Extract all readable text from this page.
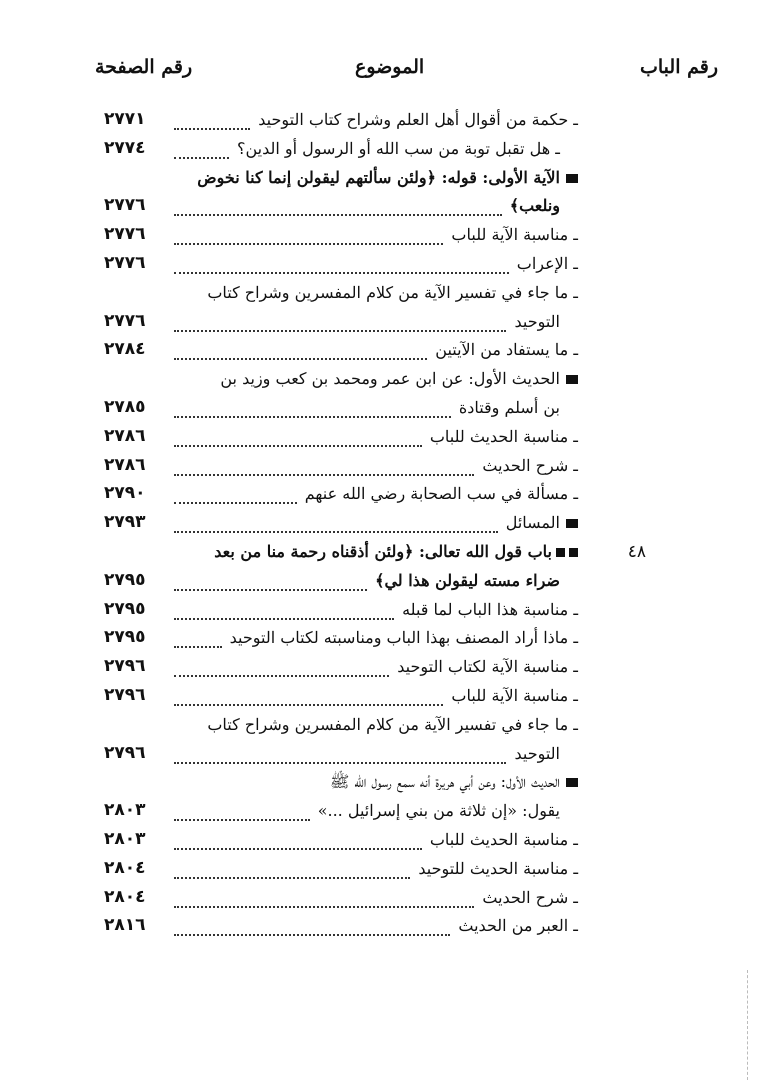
رقم الباب
الموضوع
رقم الصفحة
ـ حكمة من أقوال أهل العلم وشراح كتاب التوحيد
٢٧٧١
ـ هل تقبل توبة من سب الله أو الرسول أو الدين؟
٢٧٧٤
الآية الأولى: قوله: ﴿ولئن سألتهم ليقولن إنما كنا نخوض
ونلعب﴾
٢٧٧٦
ـ مناسبة الآية للباب
٢٧٧٦
ـ الإعراب
٢٧٧٦
ـ ما جاء في تفسير الآية من كلام المفسرين وشراح كتاب
التوحيد
٢٧٧٦
ـ ما يستفاد من الآيتين
٢٧٨٤
الحديث الأول: عن ابن عمر ومحمد بن كعب وزيد بن
بن أسلم وقتادة
٢٧٨٥
ـ مناسبة الحديث للباب
٢٧٨٦
ـ شرح الحديث
٢٧٨٦
ـ مسألة في سب الصحابة رضي الله عنهم
٢٧٩٠
المسائل
٢٧٩٣
٤٨
باب قول الله تعالى: ﴿ولئن أذقناه رحمة منا من بعد
ضراء مسته ليقولن هذا لي﴾
٢٧٩٥
ـ مناسبة هذا الباب لما قبله
٢٧٩٥
ـ ماذا أراد المصنف بهذا الباب ومناسبته لكتاب التوحيد
٢٧٩٥
ـ مناسبة الآية لكتاب التوحيد
٢٧٩٦
ـ مناسبة الآية للباب
٢٧٩٦
ـ ما جاء في تفسير الآية من كلام المفسرين وشراح كتاب
التوحيد
٢٧٩٦
الحديث الأول: وعن أبي هريرة أنه سمع رسول الله ﷺ
يقول: «إن ثلاثة من بني إسرائيل ...»
٢٨٠٣
ـ مناسبة الحديث للباب
٢٨٠٣
ـ مناسبة الحديث للتوحيد
٢٨٠٤
ـ شرح الحديث
٢٨٠٤
ـ العبر من الحديث
٢٨١٦
